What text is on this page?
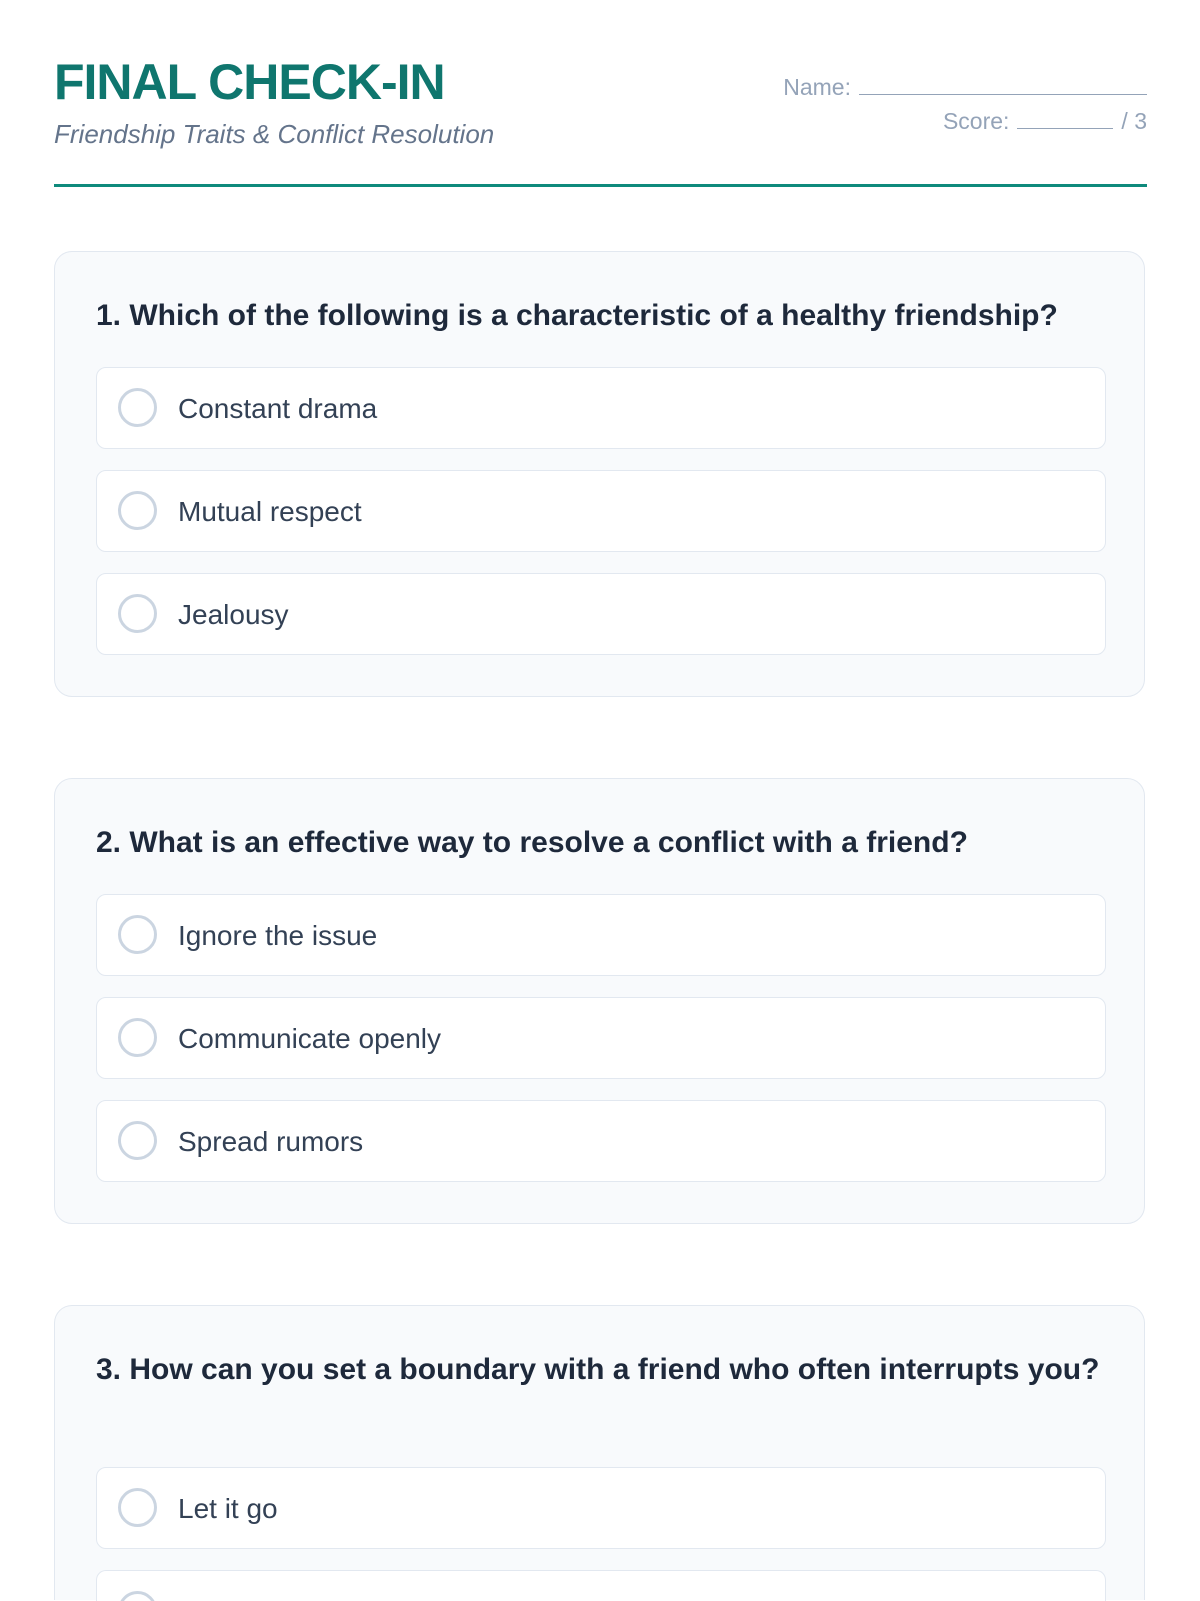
FINAL CHECK-IN
Friendship Traits & Conflict Resolution
Name:
Score:	/ 3
1. Which of the following is a characteristic of a healthy friendship?
Constant drama
Mutual respect
Jealousy
2. What is an effective way to resolve a conflict with a friend?
Ignore the issue
Communicate openly
Spread rumors
3. How can you set a boundary with a friend who often interrupts you?
Let it go
